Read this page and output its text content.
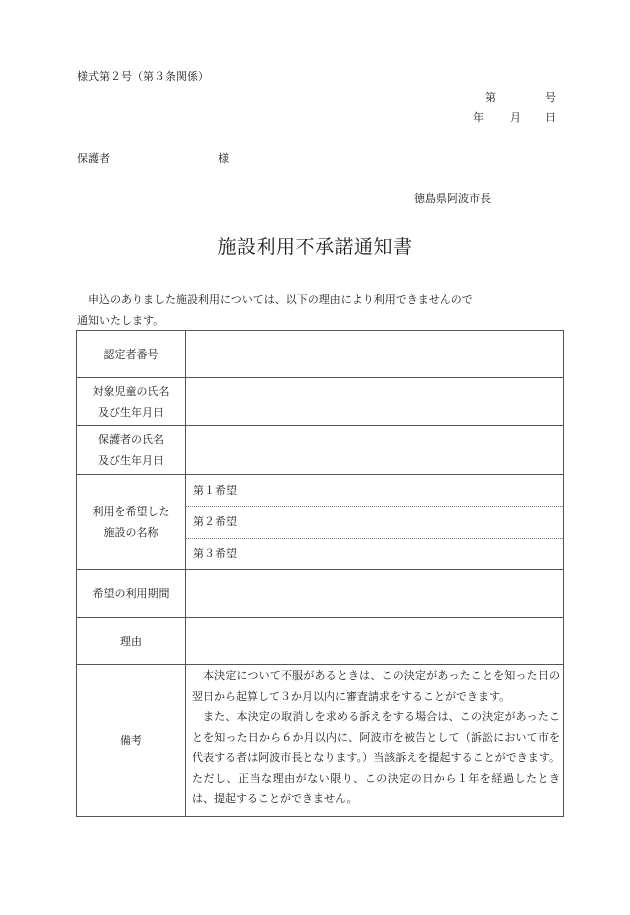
様式第２号（第３条関係）
第	号
年 月 日
保護者	様
徳島県阿波市長
施設利用不承諾通知書
申込のありました施設利用については、以下の理由により利用できませんので
通知いたします。
認定者番号
対象児童の氏名
及び生年月日
保護者の氏名
及び生年月日
利用を希望した
施設の名称
希望の利用期間
理由
備考
第１希望
第２希望
第３希望

本決定について不服があるときは、この決定があったことを知った日の翌日から起算して３か月以内に審査請求をすることができます。

また、本決定の取消しを求める訴えをする場合は、この決定があったことを知った日から６か月以内に、阿波市を被告として（訴訟において市を代表する者は阿波市長となります。）当該訴えを提起することができます。ただし、正当な理由がない限り、この決定の日から１年を経過したときは、提起することができません。
